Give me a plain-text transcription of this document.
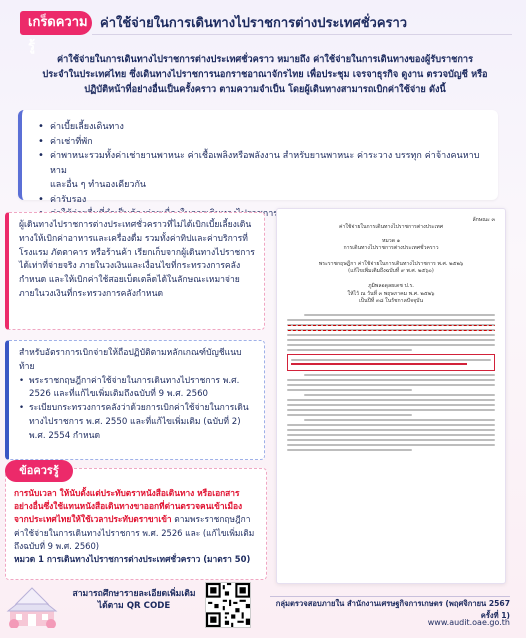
เกร็ดความรู้
ค่าใช้จ่ายในการเดินทางไปราชการต่างประเทศชั่วคราว
ค่าใช้จ่ายในการเดินทางไปราชการต่างประเทศชั่วคราว หมายถึง ค่าใช้จ่ายในการเดินทางของผู้รับราชการ
ประจำในประเทศไทย ซึ่งเดินทางไปราชการนอกราชอาณาจักรไทย เพื่อประชุม เจรจาธุรกิจ ดูงาน ตรวจบัญชี หรือ
ปฏิบัติหน้าที่อย่างอื่นเป็นครั้งคราว ตามความจำเป็น โดยผู้เดินทางสามารถเบิกค่าใช้จ่าย ดังนี้
• ค่าเบี้ยเลี้ยงเดินทาง
• ค่าเช่าที่พัก
• ค่าพาหนะรวมทั้งค่าเช่ายานพาหนะ ค่าเชื้อเพลิงหรือพลังงาน สำหรับยานพาหนะ ค่าระวาง บรรทุก ค่าจ้างคนหาบหาม
และอื่น ๆ ทำนองเดียวกัน
• ค่ารับรอง
•
ผู้เดินทางไปราชการต่างประเทศชั่วคราวที่ไม่ได้เบิกเบี้ยเลี้ยงเดินทางให้เบิกค่าอาหารและเครื่องดื่ม รวมทั้งค่าทิปและค่าบริการที่โรงแรม ภัตตาคาร หรือร้านค้า เรียกเก็บจากผู้เดินทางไปราชการได้เท่าที่จ่ายจริง ภายในวงเงินและเงื่อนไขที่กระทรวงการคลังกำหนด และให้เบิกค่าใช้สอยเบ็ดเตล็ดได้ในลักษณะเหมาจ่าย ภายในวงเงินที่กระทรวงการคลังกำหนด
สำหรับอัตราการเบิกจ่ายให้ถือปฏิบัติตามหลักเกณฑ์บัญชีแนบท้าย
• พระราชกฤษฎีกาค่าใช้จ่ายในการเดินทางไปราชการ พ.ศ. 2526 และที่แก้ไขเพิ่มเติมถึงฉบับที่ 9 พ.ศ. 2560
• ระเบียบกระทรวงการคลังว่าด้วยการเบิกค่าใช้จ่ายในการเดินทางไปราชการ พ.ศ. 2550 และที่แก้ไขเพิ่มเติม (ฉบับที่ 2) พ.ศ. 2554 กำหนด
การนับเวลา ให้นับตั้งแต่ประทับตราหนังสือเดินทาง หรือเอกสารอย่างอื่นซึ่งใช้แทนหนังสือเดินทางขาออกที่ด่านตรวจคนเข้าเมือง จากประเทศไทยให้ใช้เวลาประทับตราขาเข้า ตามพระราชกฤษฎีกาค่าใช้จ่ายในการเดินทางไปราชการ พ.ศ. 2526 และ (แก้ไขเพิ่มเติมถึงฉบับที่ 9 พ.ศ. 2560)
หมวด 1 การเดินทางไปราชการต่างประเทศชั่วคราว (มาตรา 50)
ข้อควรรู้
สามารถศึกษารายละเอียดเพิ่มเติม
ได้ตาม QR CODE
ลักษณะ ๓
ค่าใช้จ่ายในการเดินทางไปราชการต่างประเทศ
หมวด ๑
การเดินทางไปราชการต่างประเทศชั่วคราว
พระราชกฤษฎีกา ค่าใช้จ่ายในการเดินทางไปราชการ พ.ศ. ๒๕๒๖
(แก้ไขเพิ่มเติมถึงฉบับที่ ๙ พ.ศ. ๒๕๖๐)
ภูมิพลอดุลยเดช ป.ร.
ให้ไว้ ณ วันที่ ๓ พฤษภาคม พ.ศ. ๒๕๒๖
เป็นปีที่ ๓๘ ในรัชกาลปัจจุบัน
กลุ่มตรวจสอบภายใน สำนักงานเศรษฐกิจการเกษตร (พฤศจิกายน 2567 ครั้งที่ 1)
www.audit.oae.go.th
